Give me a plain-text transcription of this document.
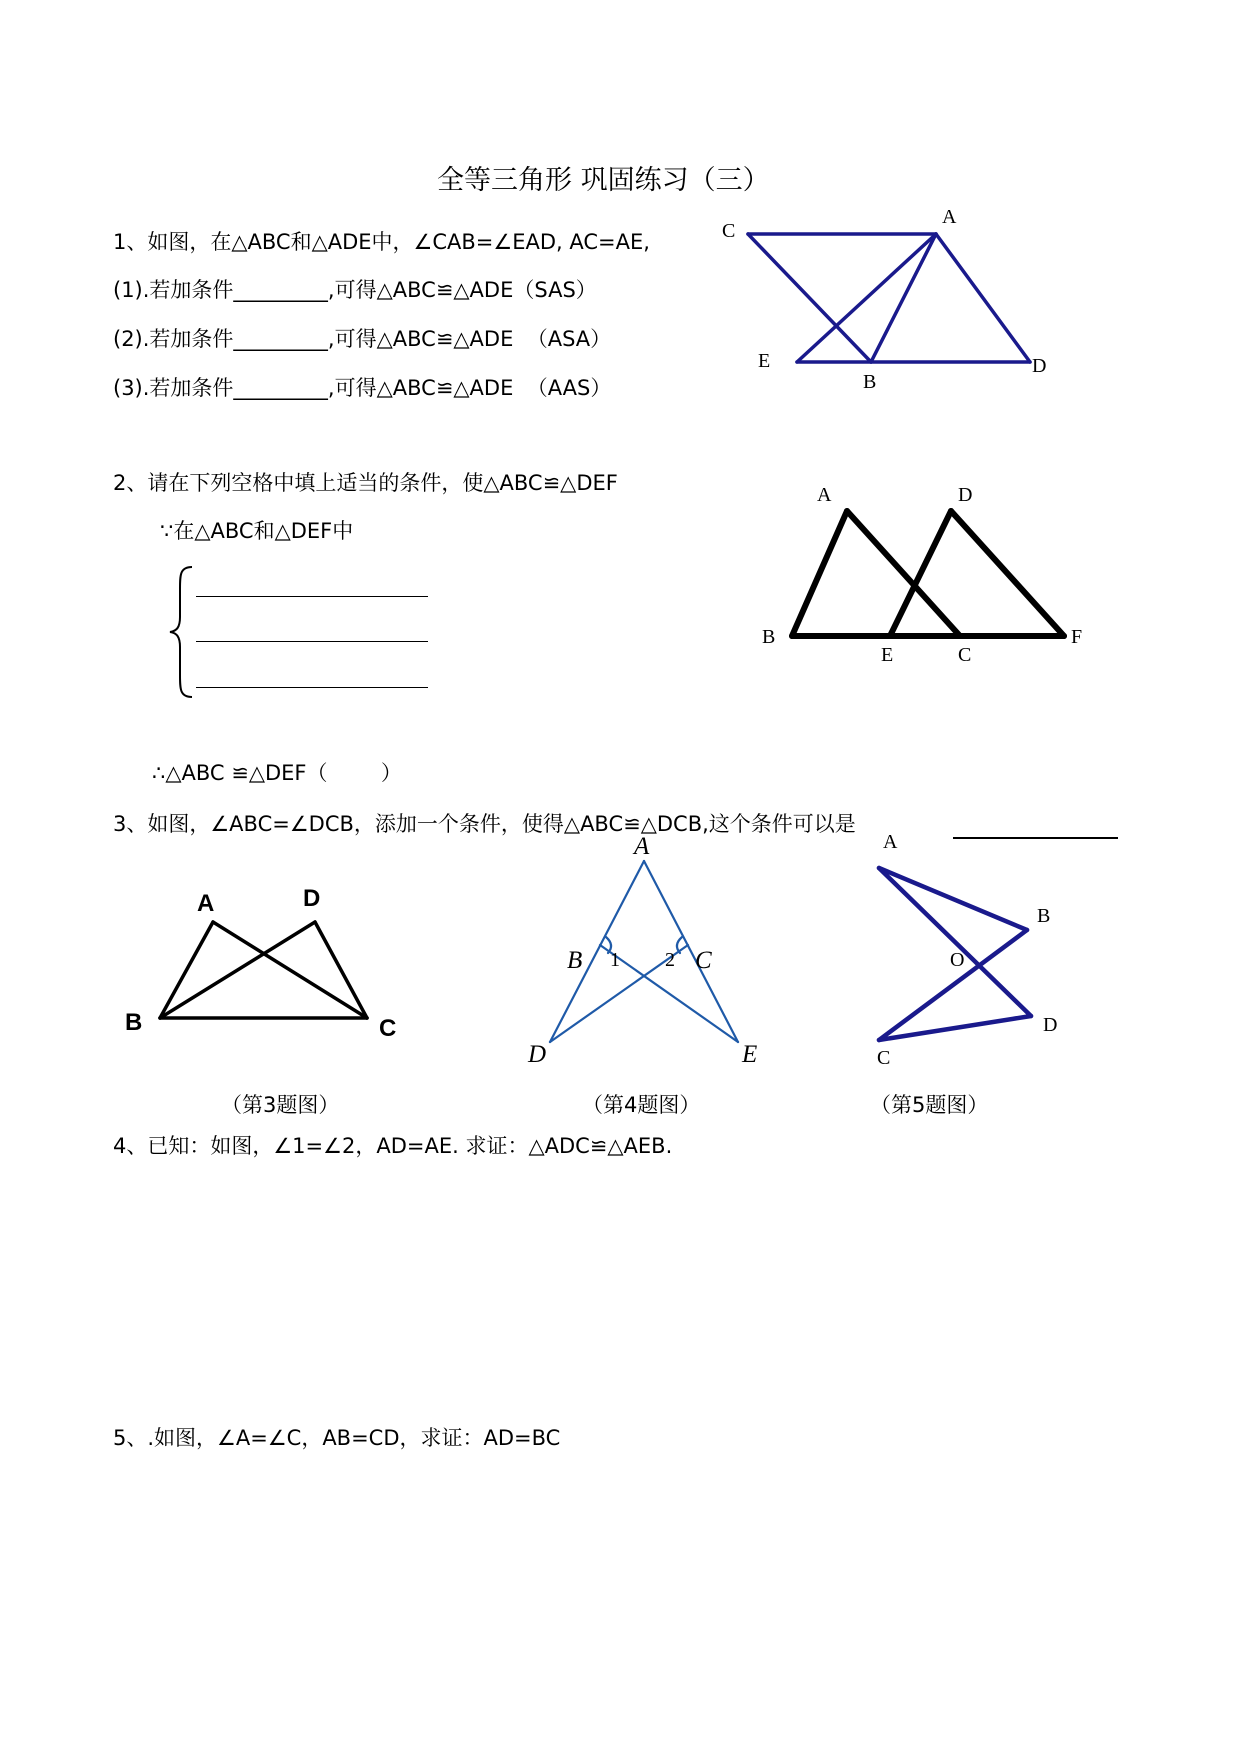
全等三角形 巩固练习（三）
1、如图，在△ABC和△ADE中，∠CAB=∠EAD, AC=AE,
(1).若加条件_________,可得△ABC≌△ADE（SAS）
(2).若加条件_________,可得△ABC≌△ADE  （ASA）
(3).若加条件_________,可得△ABC≌△ADE  （AAS）
A
C
E
B
D
2、请在下列空格中填上适当的条件，使△ABC≌△DEF
∵在△ABC和△DEF中
A	D
B
E	C
F
∴△ABC ≌△DEF（        ）
3、如图，∠ABC=∠DCB，添加一个条件，使得△ABC≌△DCB,这个条件可以是
A	D
B	C
A
B 1 2 C
D	E
A
B
O
D
C
（第3题图）	（第4题图）	（第5题图）
4、已知：如图，∠1=∠2，AD=AE. 求证：△ADC≌△AEB.
5、.如图，∠A=∠C，AB=CD，求证：AD=BC
